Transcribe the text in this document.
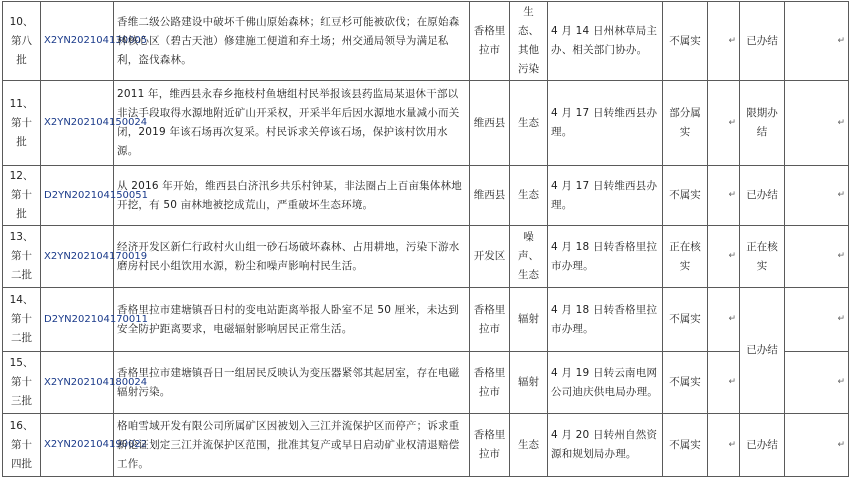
10、第八批	X2YN202104130005	香维二级公路建设中破坏千佛山原始森林；红豆杉可能被砍伐；在原始森林核心区（碧古天池）修建施工便道和弃土场；州交通局领导为满足私利，盗伐森林。	香格里拉市	生态、其他污染	4 月 14 日州林草局主办、相关部门协办。	不属实	↵	已办结	↵
11、第十批	X2YN202104150024	2011 年，维西县永春乡拖枝村鱼塘组村民举报该县药监局某退休干部以非法手段取得水源地附近矿山开采权，开采半年后因水源地水量减小而关闭，2019 年该石场再次复采。村民诉求关停该石场，保护该村饮用水源。	维西县	生态	4 月 17 日转维西县办理。	部分属实	↵	限期办结	↵
12、第十批	D2YN202104150051	从 2016 年开始，维西县白济汛乡共乐村钟某，非法圈占上百亩集体林地开挖，有 50 亩林地被挖成荒山，严重破坏生态环境。	维西县	生态	4 月 17 日转维西县办理。	不属实	↵	已办结	↵
13、第十二批	X2YN202104170019	经济开发区新仁行政村火山组一砂石场破坏森林、占用耕地，污染下游水磨房村民小组饮用水源，粉尘和噪声影响村民生活。	开发区	噪声、生态	4 月 18 日转香格里拉市办理。	正在核实	↵	正在核实	↵
14、第十二批	D2YN202104170011	香格里拉市建塘镇吾日村的变电站距离举报人卧室不足 50 厘米，未达到安全防护距离要求，电磁辐射影响居民正常生活。	香格里拉市	辐射	4 月 18 日转香格里拉市办理。	不属实	↵	已办结	↵
15、第十三批	X2YN202104180024	香格里拉市建塘镇吾日一组居民反映认为变压器紧邻其起居室，存在电磁辐射污染。	香格里拉市	辐射	4 月 19 日转云南电网公司迪庆供电局办理。	不属实	↵		↵
16、第十四批	X2YN202104190022	格咱雪域开发有限公司所属矿区因被划入三江并流保护区而停产；诉求重新论证划定三江并流保护区范围，批准其复产或早日启动矿业权清退赔偿工作。	香格里拉市	生态	4 月 20 日转州自然资源和规划局办理。	不属实	↵	已办结	↵
